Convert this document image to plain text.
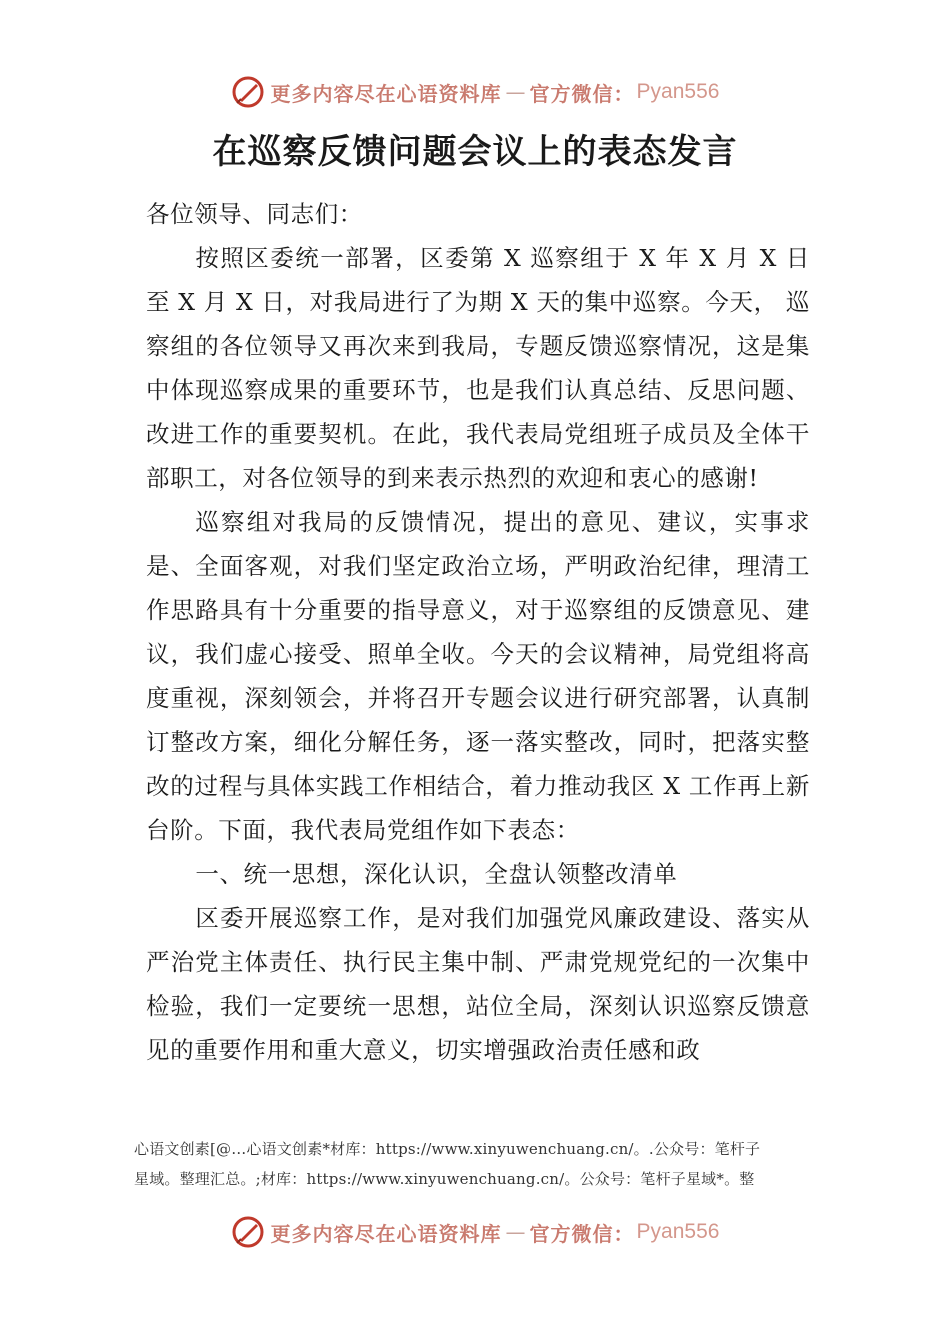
更多内容尽在心语资料库 — 官方微信： Pyan556
在巡察反馈问题会议上的表态发言

各位领导、同志们：

按照区委统一部署，区委第 X 巡察组于 X 年 X 月 X 日至 X 月 X 日，对我局进行了为期 X 天的集中巡察。今天， 巡察组的各位领导又再次来到我局，专题反馈巡察情况，这是集中体现巡察成果的重要环节，也是我们认真总结、反思问题、改进工作的重要契机。在此，我代表局党组班子成员及全体干部职工，对各位领导的到来表示热烈的欢迎和衷心的感谢!

巡察组对我局的反馈情况，提出的意见、建议，实事求是、全面客观，对我们坚定政治立场，严明政治纪律，理清工作思路具有十分重要的指导意义，对于巡察组的反馈意见、建议，我们虚心接受、照单全收。今天的会议精神，局党组将高度重视，深刻领会，并将召开专题会议进行研究部署，认真制订整改方案，细化分解任务，逐一落实整改，同时，把落实整改的过程与具体实践工作相结合，着力推动我区 X 工作再上新台阶。下面，我代表局党组作如下表态：

一、统一思想，深化认识，全盘认领整改清单

区委开展巡察工作，是对我们加强党风廉政建设、落实从严治党主体责任、执行民主集中制、严肃党规党纪的一次集中检验，我们一定要统一思想，站位全局，深刻认识巡察反馈意见的重要作用和重大意义，切实增强政治责任感和政

心语文创素[@…心语文创素*材库：https://www.xinyuwenchuang.cn/。.公众号：笔杆子
星域。整理汇总。;材库：https://www.xinyuwenchuang.cn/。公众号：笔杆子星域*。整
更多内容尽在心语资料库 — 官方微信： Pyan556
